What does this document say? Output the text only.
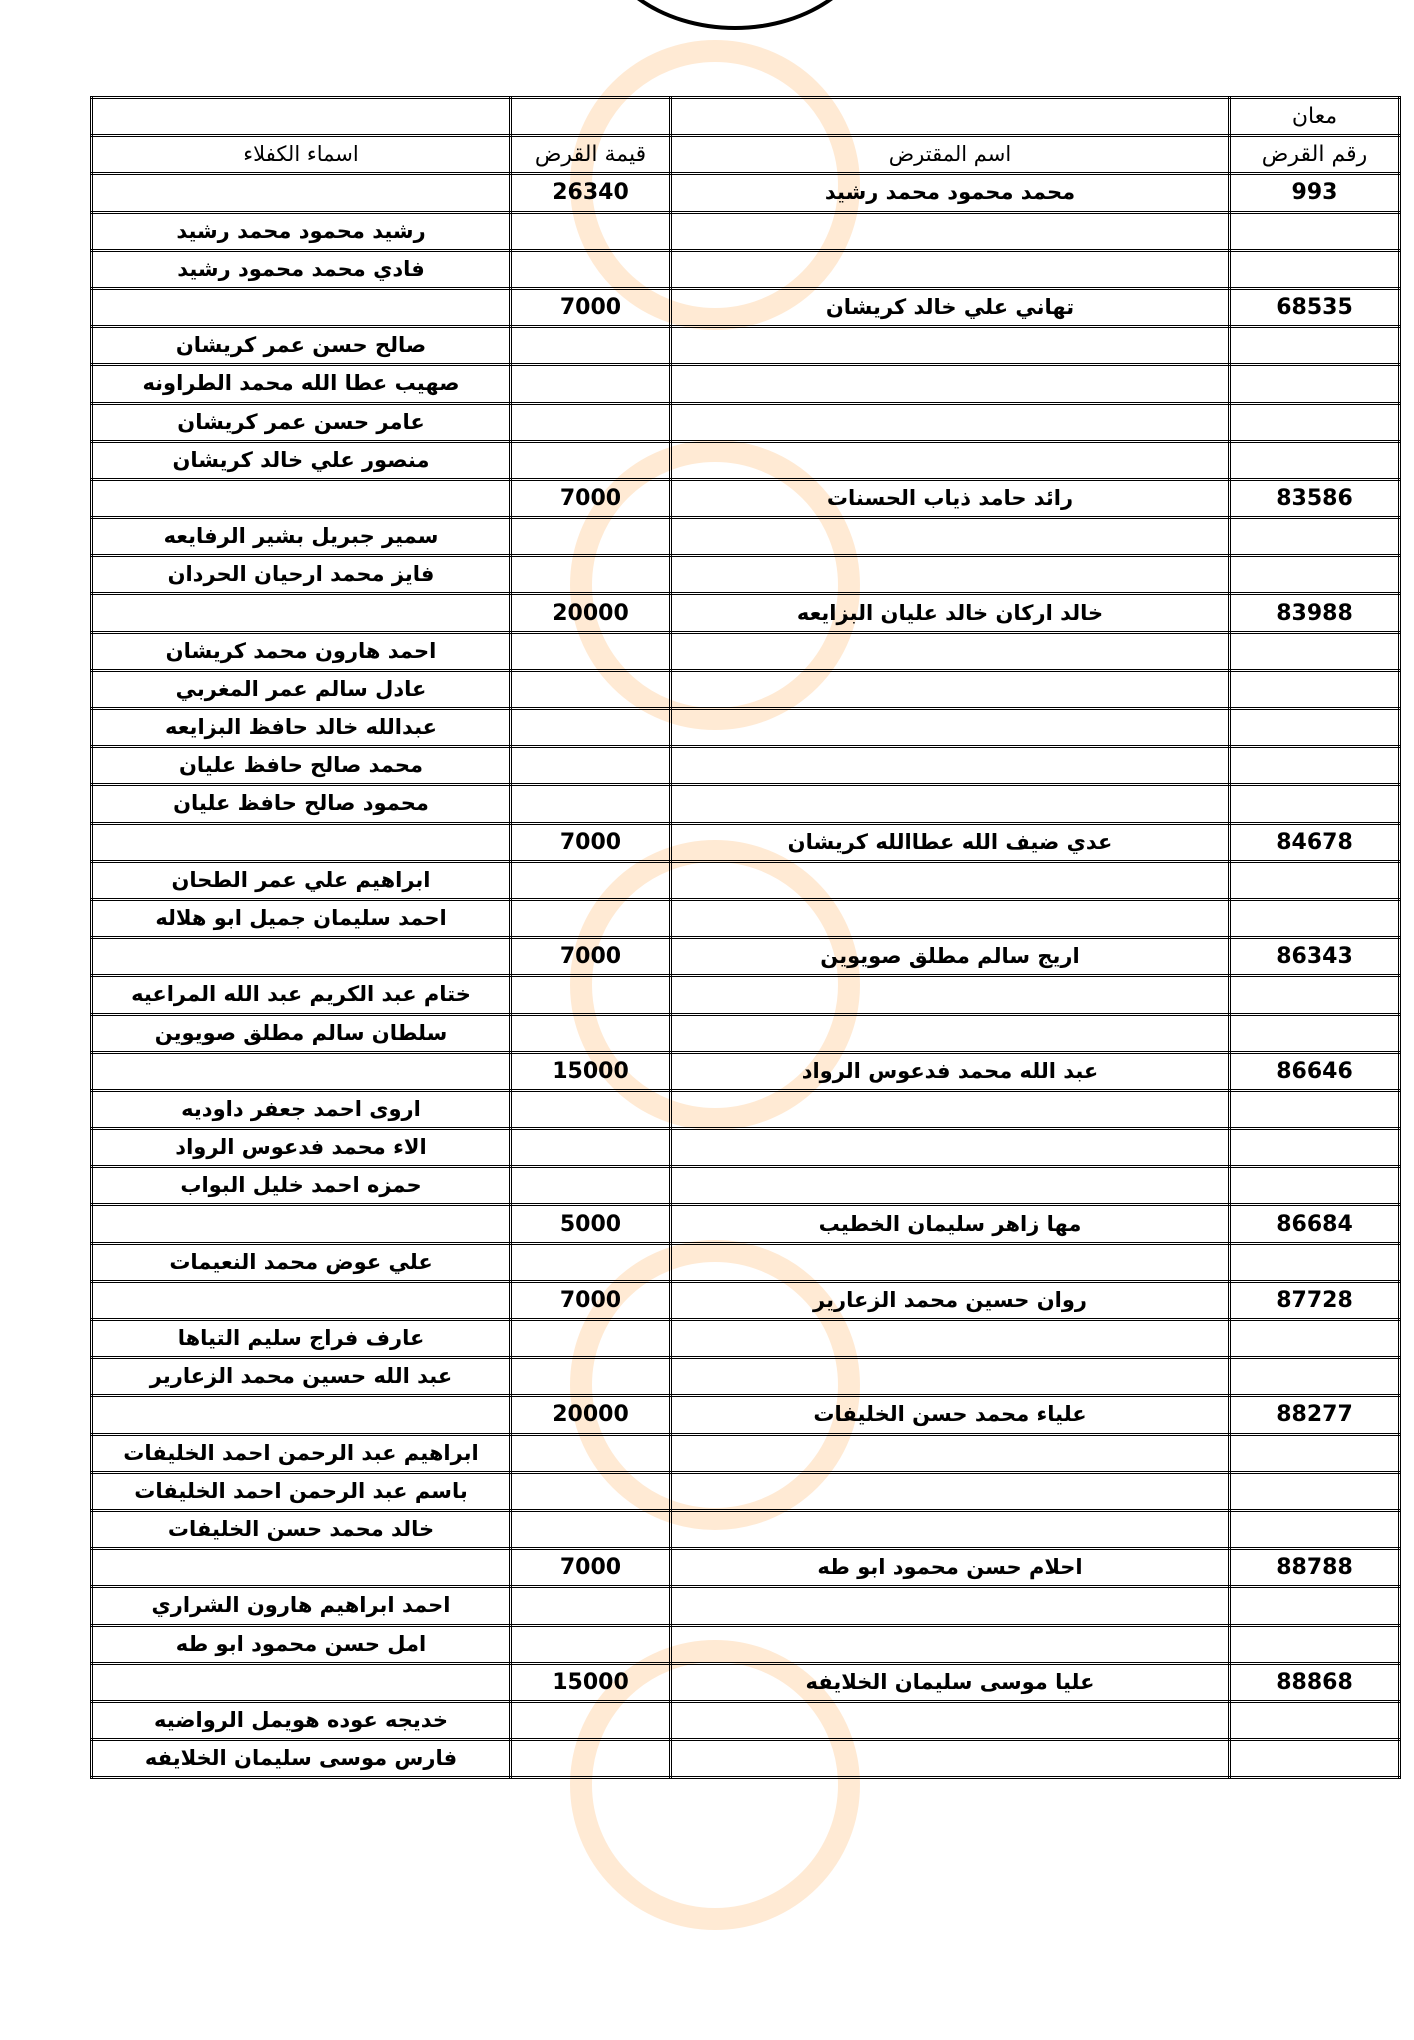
معان			
رقم القرض	اسم المقترض	قيمة القرض	اسماء الكفلاء
993	محمد محمود محمد رشيد	26340	
			رشيد محمود محمد رشيد
			فادي محمد محمود رشيد
68535	تهاني علي خالد كريشان	7000	
			صالح حسن عمر كريشان
			صهيب عطا الله محمد الطراونه
			عامر حسن عمر كريشان
			منصور علي خالد كريشان
83586	رائد حامد ذياب الحسنات	7000	
			سمير جبريل بشير الرفايعه
			فايز محمد ارحيان الحردان
83988	خالد اركان خالد عليان البزايعه	20000	
			احمد هارون محمد كريشان
			عادل سالم عمر المغربي
			عبدالله خالد حافظ البزايعه
			محمد صالح حافظ عليان
			محمود صالح حافظ عليان
84678	عدي ضيف الله عطاالله كريشان	7000	
			ابراهيم علي عمر الطحان
			احمد سليمان جميل ابو هلاله
86343	اريج سالم مطلق صويوين	7000	
			ختام عبد الكريم عبد الله المراعيه
			سلطان سالم مطلق صويوين
86646	عبد الله محمد فدعوس الرواد	15000	
			اروى احمد جعفر داوديه
			الاء محمد فدعوس الرواد
			حمزه احمد خليل البواب
86684	مها زاهر سليمان الخطيب	5000	
			علي عوض محمد النعيمات
87728	روان حسين محمد الزعارير	7000	
			عارف فراج سليم التياها
			عبد الله حسين محمد الزعارير
88277	علياء محمد حسن الخليفات	20000	
			ابراهيم عبد الرحمن احمد الخليفات
			باسم عبد الرحمن احمد الخليفات
			خالد محمد حسن الخليفات
88788	احلام حسن محمود ابو طه	7000	
			احمد ابراهيم هارون الشراري
			امل حسن محمود ابو طه
88868	عليا موسى سليمان الخلايفه	15000	
			خديجه عوده هويمل الرواضيه
			فارس موسى سليمان الخلايفه
